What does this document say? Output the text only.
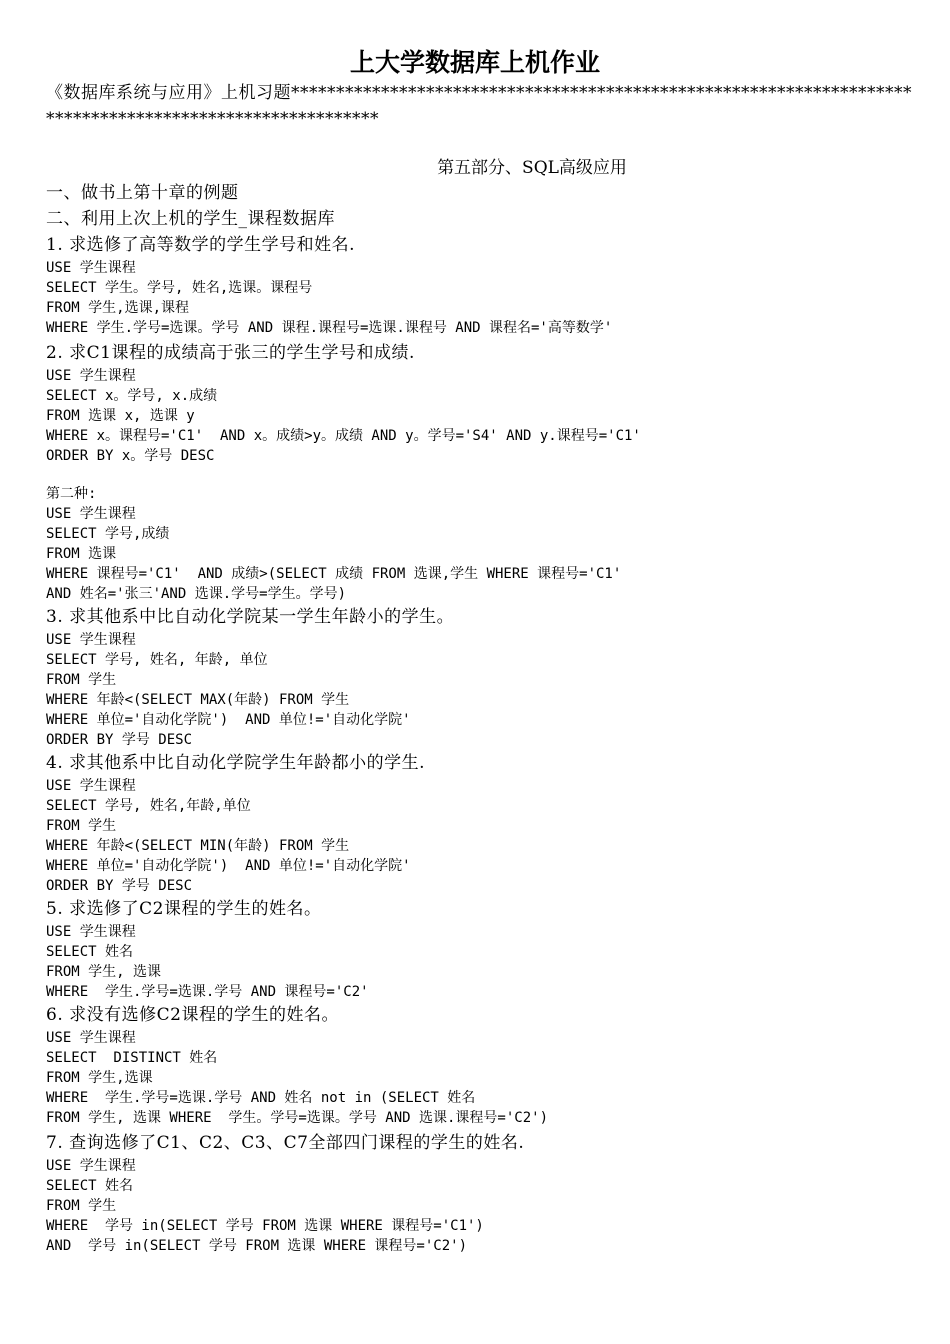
上大学数据库上机作业
《数据库系统与应用》上机习题**********************************************************************************************************
第五部分、SQL高级应用
一、做书上第十章的例题
二、利用上次上机的学生_课程数据库
1. 求选修了高等数学的学生学号和姓名.
USE 学生课程
SELECT 学生。学号, 姓名,选课。课程号
FROM 学生,选课,课程
WHERE 学生.学号=选课。学号 AND 课程.课程号=选课.课程号 AND 课程名='高等数学'
2. 求C1课程的成绩高于张三的学生学号和成绩.
USE 学生课程
SELECT x。学号, x.成绩
FROM 选课 x, 选课 y
WHERE x。课程号='C1'  AND x。成绩>y。成绩 AND y。学号='S4' AND y.课程号='C1'
ORDER BY x。学号 DESC
第二种:
USE 学生课程
SELECT 学号,成绩
FROM 选课
WHERE 课程号='C1'  AND 成绩>(SELECT 成绩 FROM 选课,学生 WHERE 课程号='C1'
AND 姓名='张三'AND 选课.学号=学生。学号)
3. 求其他系中比自动化学院某一学生年龄小的学生。
USE 学生课程
SELECT 学号, 姓名, 年龄, 单位
FROM 学生
WHERE 年龄<(SELECT MAX(年龄) FROM 学生
WHERE 单位='自动化学院')  AND 单位!='自动化学院'
ORDER BY 学号 DESC
4. 求其他系中比自动化学院学生年龄都小的学生.
USE 学生课程
SELECT 学号, 姓名,年龄,单位
FROM 学生
WHERE 年龄<(SELECT MIN(年龄) FROM 学生
WHERE 单位='自动化学院')  AND 单位!='自动化学院'
ORDER BY 学号 DESC
5. 求选修了C2课程的学生的姓名。
USE 学生课程
SELECT 姓名
FROM 学生, 选课
WHERE  学生.学号=选课.学号 AND 课程号='C2'
6. 求没有选修C2课程的学生的姓名。
USE 学生课程
SELECT  DISTINCT 姓名
FROM 学生,选课
WHERE  学生.学号=选课.学号 AND 姓名 not in (SELECT 姓名
FROM 学生, 选课 WHERE  学生。学号=选课。学号 AND 选课.课程号='C2')
7. 查询选修了C1、C2、C3、C7全部四门课程的学生的姓名.
USE 学生课程
SELECT 姓名
FROM 学生
WHERE  学号 in(SELECT 学号 FROM 选课 WHERE 课程号='C1')
AND  学号 in(SELECT 学号 FROM 选课 WHERE 课程号='C2')
